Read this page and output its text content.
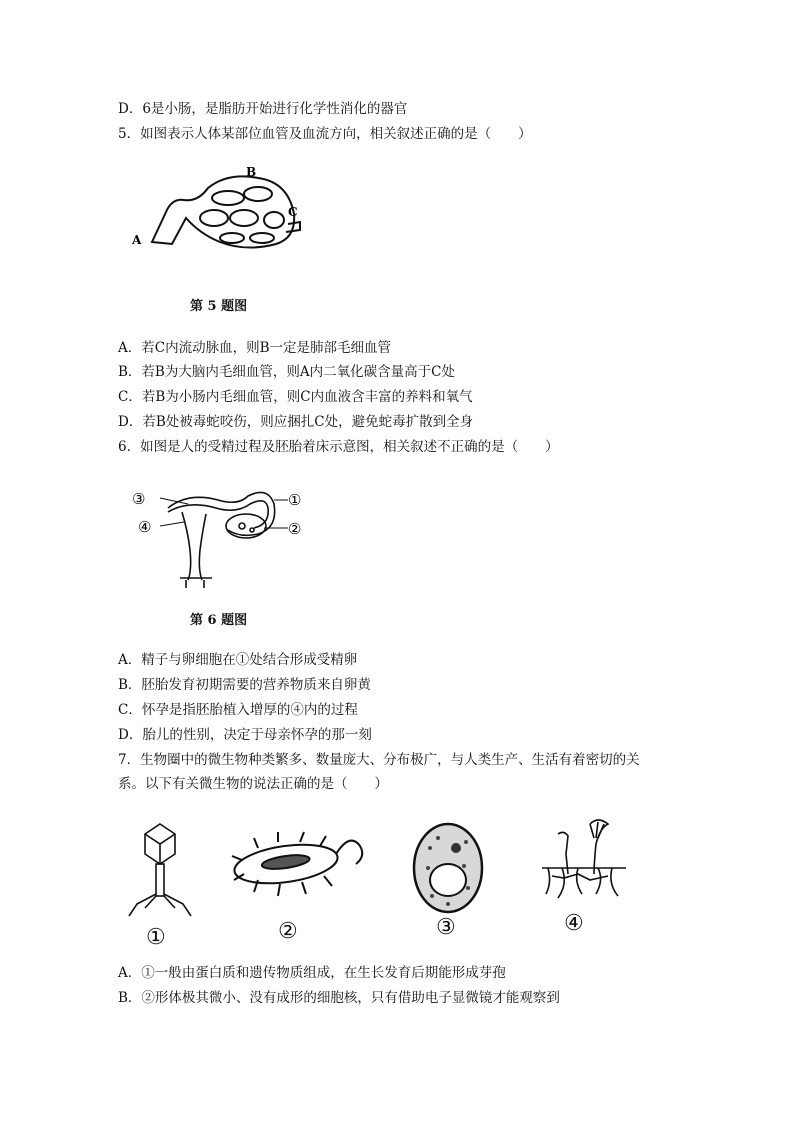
D．6是小肠，是脂肪开始进行化学性消化的器官
5．如图表示人体某部位血管及血流方向，相关叙述正确的是（　　）
A
B
C
第 5 题图
A．若C内流动脉血，则B一定是肺部毛细血管
B．若B为大脑内毛细血管，则A内二氧化碳含量高于C处
C．若B为小肠内毛细血管，则C内血液含丰富的养料和氧气
D．若B处被毒蛇咬伤，则应捆扎C处，避免蛇毒扩散到全身
6．如图是人的受精过程及胚胎着床示意图，相关叙述不正确的是（　　）
③
④
①
②
第 6 题图
A．精子与卵细胞在①处结合形成受精卵
B．胚胎发育初期需要的营养物质来自卵黄
C．怀孕是指胚胎植入增厚的④内的过程
D．胎儿的性别，决定于母亲怀孕的那一刻
7．生物圈中的微生物种类繁多、数量庞大、分布极广，与人类生产、生活有着密切的关
系。以下有关微生物的说法正确的是（　　）
①	②	③	④
A．①一般由蛋白质和遗传物质组成，在生长发育后期能形成芽孢
B．②形体极其微小、没有成形的细胞核，只有借助电子显微镜才能观察到
